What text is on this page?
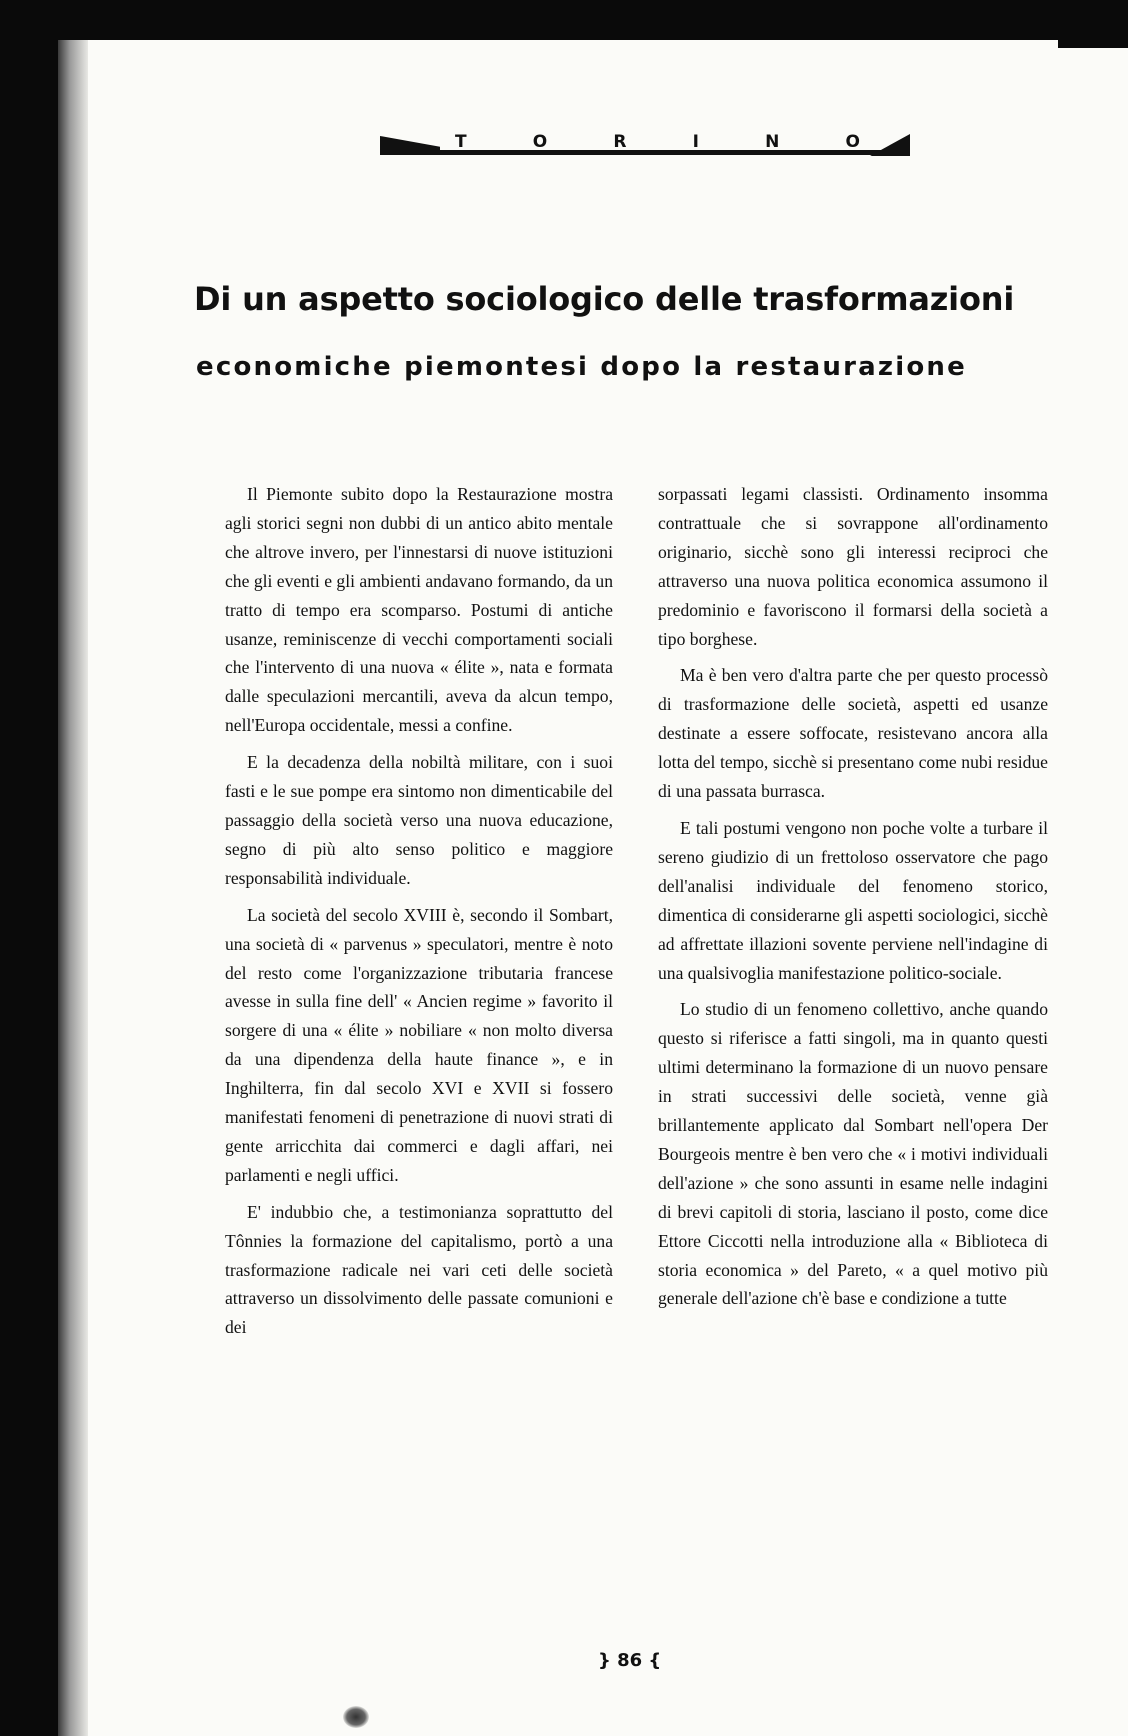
T	O	R	I	N	O
Di un aspetto sociologico delle trasformazioni
economiche piemontesi dopo la restaurazione

Il Piemonte subito dopo la Restaurazione mostra agli storici segni non dubbi di un antico abito mentale che altrove invero, per l'innestarsi di nuove istituzioni che gli eventi e gli ambienti andavano formando, da un tratto di tempo era scomparso. Postumi di antiche usanze, reminiscenze di vecchi comportamenti sociali che l'intervento di una nuova « élite », nata e formata dalle speculazioni mercantili, aveva da alcun tempo, nell'Europa occidentale, messi a confine.

E la decadenza della nobiltà militare, con i suoi fasti e le sue pompe era sintomo non dimenticabile del passaggio della società verso una nuova educazione, segno di più alto senso politico e maggiore responsabilità individuale.

La società del secolo XVIII è, secondo il Sombart, una società di « parvenus » speculatori, mentre è noto del resto come l'organizzazione tributaria francese avesse in sulla fine dell' « Ancien regime » favorito il sorgere di una « élite » nobiliare « non molto diversa da una dipendenza della haute finance », e in Inghilterra, fin dal secolo XVI e XVII si fossero manifestati fenomeni di penetrazione di nuovi strati di gente arricchita dai commerci e dagli affari, nei parlamenti e negli uffici.

E' indubbio che, a testimonianza soprattutto del Tônnies la formazione del capitalismo, portò a una trasformazione radicale nei vari ceti delle società attraverso un dissolvimento delle passate comunioni e dei

sorpassati legami classisti. Ordinamento insomma contrattuale che si sovrappone all'ordinamento originario, sicchè sono gli interessi reciproci che attraverso una nuova politica economica assumono il predominio e favoriscono il formarsi della società a tipo borghese.

Ma è ben vero d'altra parte che per questo processò di trasformazione delle società, aspetti ed usanze destinate a essere soffocate, resistevano ancora alla lotta del tempo, sicchè si presentano come nubi residue di una passata burrasca.

E tali postumi vengono non poche volte a turbare il sereno giudizio di un frettoloso osservatore che pago dell'analisi individuale del fenomeno storico, dimentica di considerarne gli aspetti sociologici, sicchè ad affrettate illazioni sovente perviene nell'indagine di una qualsivoglia manifestazione politico-sociale.

Lo studio di un fenomeno collettivo, anche quando questo si riferisce a fatti singoli, ma in quanto questi ultimi determinano la formazione di un nuovo pensare in strati successivi delle società, venne già brillantemente applicato dal Sombart nell'opera Der Bourgeois mentre è ben vero che « i motivi individuali dell'azione » che sono assunti in esame nelle indagini di brevi capitoli di storia, lasciano il posto, come dice Ettore Ciccotti nella introduzione alla « Biblioteca di storia economica » del Pareto, « a quel motivo più generale dell'azione ch'è base e condizione a tutte

} 86 {
